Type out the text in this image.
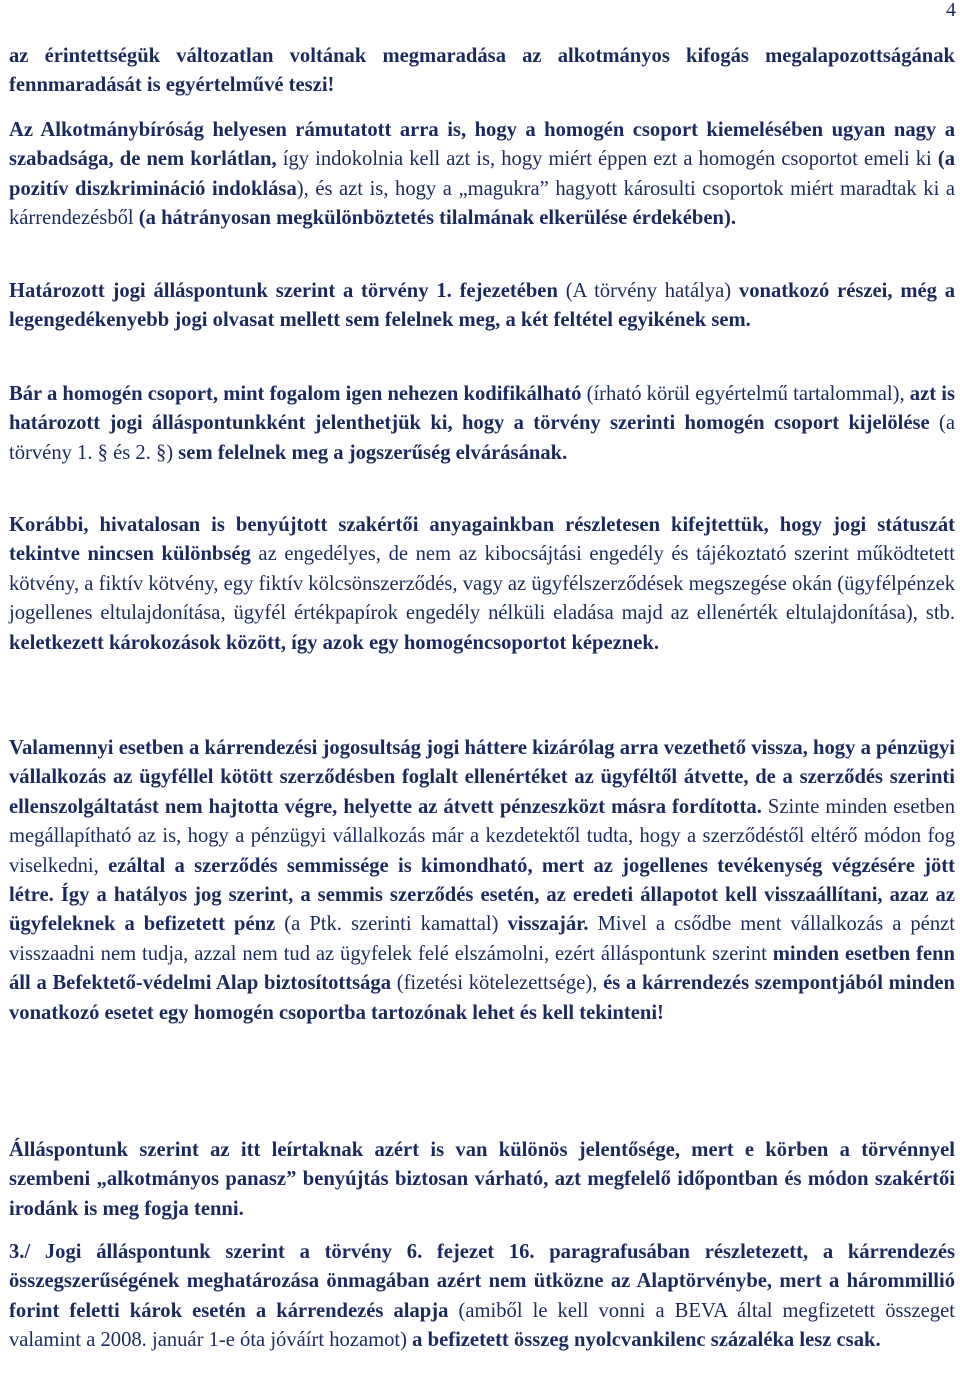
4

az érintettségük változatlan voltának megmaradása az alkotmányos kifogás megalapozottságának fennmaradását is egyértelművé teszi!

Az Alkotmánybíróság helyesen rámutatott arra is, hogy a homogén csoport kiemelésében ugyan nagy a szabadsága, de nem korlátlan, így indokolnia kell azt is, hogy miért éppen ezt a homogén csoportot emeli ki (a pozitív diszkrimináció indoklása), és azt is, hogy a „magukra” hagyott károsulti csoportok miért maradtak ki a kárrendezésből (a hátrányosan megkülönböztetés tilalmának elkerülése érdekében).

Határozott jogi álláspontunk szerint a törvény 1. fejezetében (A törvény hatálya) vonatkozó részei, még a legengedékenyebb jogi olvasat mellett sem felelnek meg, a két feltétel egyikének sem.

Bár a homogén csoport, mint fogalom igen nehezen kodifikálható (írható körül egyértelmű tartalommal), azt is határozott jogi álláspontunkként jelenthetjük ki, hogy a törvény szerinti homogén csoport kijelölése (a törvény 1. § és 2. §) sem felelnek meg a jogszerűség elvárásának.

Korábbi, hivatalosan is benyújtott szakértői anyagainkban részletesen kifejtettük, hogy jogi státuszát tekintve nincsen különbség az engedélyes, de nem az kibocsájtási engedély és tájékoztató szerint működtetett kötvény, a fiktív kötvény, egy fiktív kölcsönszerződés, vagy az ügyfélszerződések megszegése okán (ügyfélpénzek jogellenes eltulajdonítása, ügyfél értékpapírok engedély nélküli eladása majd az ellenérték eltulajdonítása), stb. keletkezett károkozások között, így azok egy homogéncsoportot képeznek.

Valamennyi esetben a kárrendezési jogosultság jogi háttere kizárólag arra vezethető vissza, hogy a pénzügyi vállalkozás az ügyféllel kötött szerződésben foglalt ellenértéket az ügyféltől átvette, de a szerződés szerinti ellenszolgáltatást nem hajtotta végre, helyette az átvett pénzeszközt másra fordította. Szinte minden esetben megállapítható az is, hogy a pénzügyi vállalkozás már a kezdetektől tudta, hogy a szerződéstől eltérő módon fog viselkedni, ezáltal a szerződés semmissége is kimondható, mert az jogellenes tevékenység végzésére jött létre. Így a hatályos jog szerint, a semmis szerződés esetén, az eredeti állapotot kell visszaállítani, azaz az ügyfeleknek a befizetett pénz (a Ptk. szerinti kamattal) visszajár. Mivel a csődbe ment vállalkozás a pénzt visszaadni nem tudja, azzal nem tud az ügyfelek felé elszámolni, ezért álláspontunk szerint minden esetben fenn áll a Befektető-védelmi Alap biztosítottsága (fizetési kötelezettsége), és a kárrendezés szempontjából minden vonatkozó esetet egy homogén csoportba tartozónak lehet és kell tekinteni!

Álláspontunk szerint az itt leírtaknak azért is van különös jelentősége, mert e körben a törvénnyel szembeni „alkotmányos panasz” benyújtás biztosan várható, azt megfelelő időpontban és módon szakértői irodánk is meg fogja tenni.

3./ Jogi álláspontunk szerint a törvény 6. fejezet 16. paragrafusában részletezett, a kárrendezés összegszerűségének meghatározása önmagában azért nem ütközne az Alaptörvénybe, mert a hárommillió forint feletti károk esetén a kárrendezés alapja (amiből le kell vonni a BEVA által megfizetett összeget valamint a 2008. január 1-e óta jóváírt hozamot) a befizetett összeg nyolcvankilenc százaléka lesz csak.
